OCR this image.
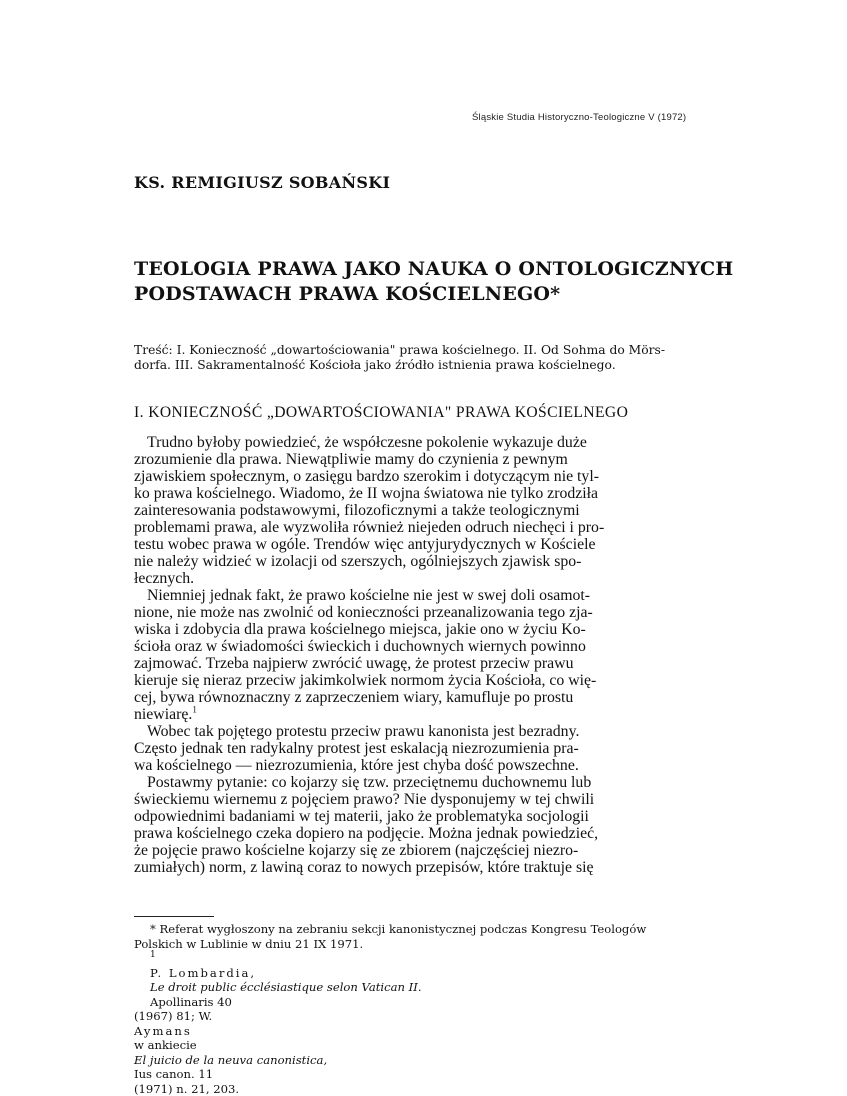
Śląskie Studia Historyczno-Teologiczne V (1972)
KS. REMIGIUSZ SOBAŃSKI
TEOLOGIA PRAWA JAKO NAUKA O ONTOLOGICZNYCH
PODSTAWACH PRAWA KOŚCIELNEGO*
Treść: I. Konieczność „dowartościowania" prawa kościelnego. II. Od Sohma do Mörs-
dorfa. III. Sakramentalność Kościoła jako źródło istnienia prawa kościelnego.
I. KONIECZNOŚĆ „DOWARTOŚCIOWANIA" PRAWA KOŚCIELNEGO
Trudno byłoby powiedzieć, że współczesne pokolenie wykazuje duże
zrozumienie dla prawa. Niewątpliwie mamy do czynienia z pewnym
zjawiskiem społecznym, o zasięgu bardzo szerokim i dotyczącym nie tyl-
ko prawa kościelnego. Wiadomo, że II wojna światowa nie tylko zrodziła
zainteresowania podstawowymi, filozoficznymi a także teologicznymi
problemami prawa, ale wyzwoliła również niejeden odruch niechęci i pro-
testu wobec prawa w ogóle. Trendów więc antyjurydycznych w Kościele
nie należy widzieć w izolacji od szerszych, ogólniejszych zjawisk spo-
łecznych.
Niemniej jednak fakt, że prawo kościelne nie jest w swej doli osamot-
nione, nie może nas zwolnić od konieczności przeanalizowania tego zja-
wiska i zdobycia dla prawa kościelnego miejsca, jakie ono w życiu Ko-
ścioła oraz w świadomości świeckich i duchownych wiernych powinno
zajmować. Trzeba najpierw zwrócić uwagę, że protest przeciw prawu
kieruje się nieraz przeciw jakimkolwiek normom życia Kościoła, co wię-
cej, bywa równoznaczny z zaprzeczeniem wiary, kamufluje po prostu
niewiarę.$^1$
Wobec tak pojętego protestu przeciw prawu kanonista jest bezradny.
Często jednak ten radykalny protest jest eskalacją niezrozumienia pra-
wa kościelnego — niezrozumienia, które jest chyba dość powszechne.
Postawmy pytanie: co kojarzy się tzw. przeciętnemu duchownemu lub
świeckiemu wiernemu z pojęciem prawo? Nie dysponujemy w tej chwili
odpowiednimi badaniami w tej materii, jako że problematyka socjologii
prawa kościelnego czeka dopiero na podjęcie. Można jednak powiedzieć,
że pojęcie prawo kościelne kojarzy się ze zbiorem (najczęściej niezro-
zumiałych) norm, z lawiną coraz to nowych przepisów, które traktuje się
* Referat wygłoszony na zebraniu sekcji kanonistycznej podczas Kongresu Teologów
Polskich w Lublinie w dniu 21 IX 1971.
$^1$
P. Lombardia,
Le droit public écclésiastique selon Vatican II.
Apollinaris 40
(1967) 81; W.
Aymans
w ankiecie
El juicio de la neuva canonistica,
Ius canon. 11
(1971) n. 21, 203.
